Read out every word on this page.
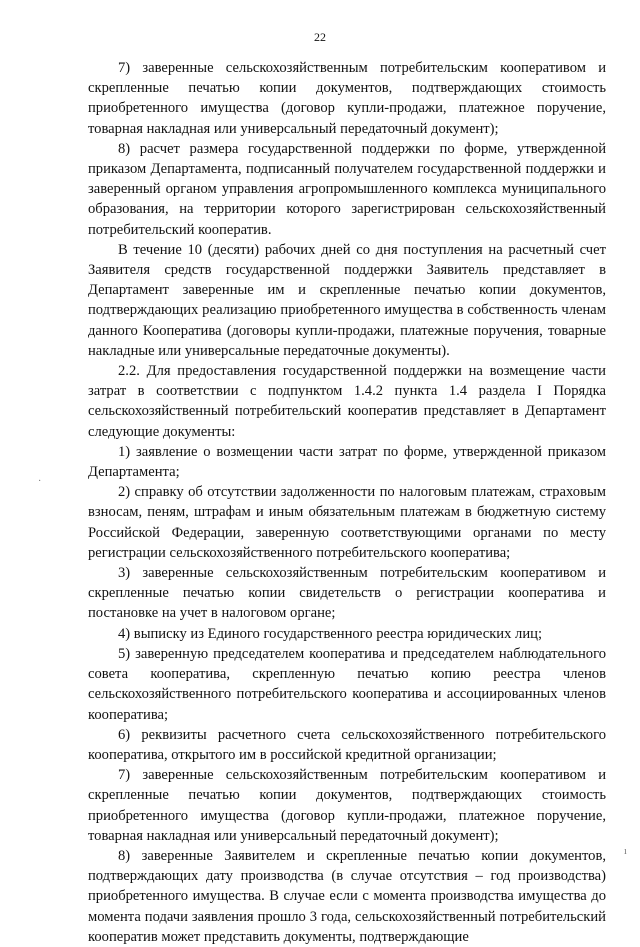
22
·
ı

7) заверенные сельскохозяйственным потребительским кооперативом и скрепленные печатью копии документов, подтверждающих стоимость приобретенного имущества (договор купли-продажи, платежное поручение, товарная накладная или универсальный передаточный документ);

8) расчет размера государственной поддержки по форме, утвержденной приказом Департамента, подписанный получателем государственной поддержки и заверенный органом управления агропромышленного комплекса муниципального образования, на территории которого зарегистрирован сельскохозяйственный потребительский кооператив.

В течение 10 (десяти) рабочих дней со дня поступления на расчетный счет Заявителя средств государственной поддержки Заявитель представляет в Департамент заверенные им и скрепленные печатью копии документов, подтверждающих реализацию приобретенного имущества в собственность членам данного Кооператива (договоры купли-продажи, платежные поручения, товарные накладные или универсальные передаточные документы).

2.2. Для предоставления государственной поддержки на возмещение части затрат в соответствии с подпунктом 1.4.2 пункта 1.4 раздела I Порядка сельскохозяйственный потребительский кооператив представляет в Департамент следующие документы:

1) заявление о возмещении части затрат по форме, утвержденной приказом Департамента;

2) справку об отсутствии задолженности по налоговым платежам, страховым взносам, пеням, штрафам и иным обязательным платежам в бюджетную систему Российской Федерации, заверенную соответствующими органами по месту регистрации сельскохозяйственного потребительского кооператива;

3) заверенные сельскохозяйственным потребительским кооперативом и скрепленные печатью копии свидетельств о регистрации кооператива и постановке на учет в налоговом органе;

4) выписку из Единого государственного реестра юридических лиц;

5) заверенную председателем кооператива и председателем наблюдательного совета кооператива, скрепленную печатью копию реестра членов сельскохозяйственного потребительского кооператива и ассоциированных членов кооператива;

6) реквизиты расчетного счета сельскохозяйственного потребительского кооператива, открытого им в российской кредитной организации;

7) заверенные сельскохозяйственным потребительским кооперативом и скрепленные печатью копии документов, подтверждающих стоимость приобретенного имущества (договор купли-продажи, платежное поручение, товарная накладная или универсальный передаточный документ);

8) заверенные Заявителем и скрепленные печатью копии документов, подтверждающих дату производства (в случае отсутствия – год производства) приобретенного имущества. В случае если с момента производства имущества до момента подачи заявления прошло 3 года, сельскохозяйственный потребительский кооператив может представить документы, подтверждающие
